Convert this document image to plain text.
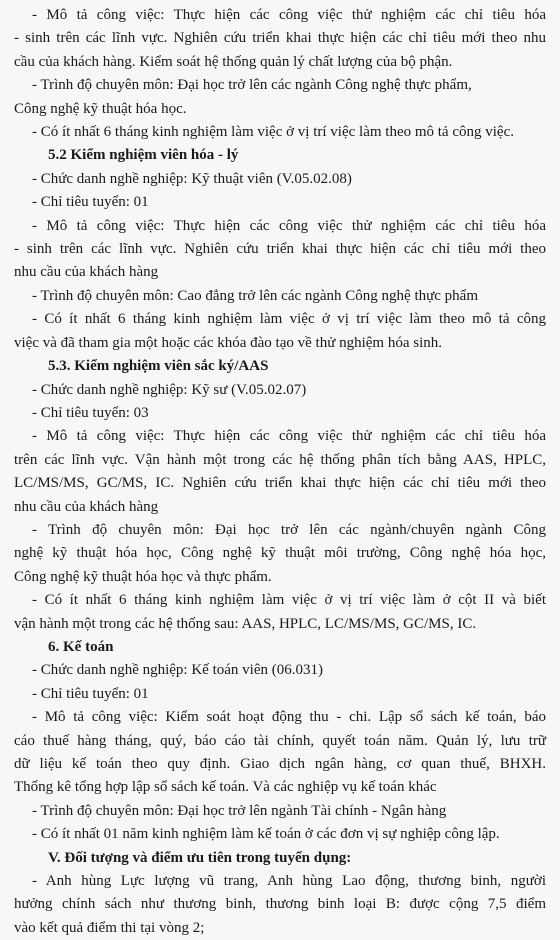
- Mô tả công việc: Thực hiện các công việc thử nghiệm các chỉ tiêu hóa
- sinh trên các lĩnh vực. Nghiên cứu triển khai thực hiện các chỉ tiêu mới theo nhu
cầu của khách hàng. Kiểm soát hệ thống quản lý chất lượng của bộ phận.
- Trình độ chuyên môn: Đại học trở lên các ngành Công nghệ thực phẩm,
Công nghệ kỹ thuật hóa học.
- Có ít nhất 6 tháng kinh nghiệm làm việc ở vị trí việc làm theo mô tả công việc.
5.2 Kiểm nghiệm viên hóa - lý
- Chức danh nghề nghiệp: Kỹ thuật viên (V.05.02.08)
- Chỉ tiêu tuyển: 01
- Mô tả công việc: Thực hiện các công việc thử nghiệm các chỉ tiêu hóa
- sinh trên các lĩnh vực. Nghiên cứu triển khai thực hiện các chỉ tiêu mới theo
nhu cầu của khách hàng
- Trình độ chuyên môn: Cao đẳng trở lên các ngành Công nghệ thực phẩm
- Có ít nhất 6 tháng kinh nghiệm làm việc ở vị trí việc làm theo mô tả công
việc và đã tham gia một hoặc các khóa đào tạo về thử nghiệm hóa sinh.
5.3. Kiểm nghiệm viên sắc ký/AAS
- Chức danh nghề nghiệp: Kỹ sư (V.05.02.07)
- Chỉ tiêu tuyển: 03
- Mô tả công việc: Thực hiện các công việc thử nghiệm các chỉ tiêu hóa
trên các lĩnh vực. Vận hành một trong các hệ thống phân tích bằng AAS, HPLC,
LC/MS/MS, GC/MS, IC. Nghiên cứu triển khai thực hiện các chỉ tiêu mới theo
nhu cầu của khách hàng
- Trình độ chuyên môn: Đại học trở lên các ngành/chuyên ngành Công
nghệ kỹ thuật hóa học, Công nghệ kỹ thuật môi trường, Công nghệ hóa học,
Công nghệ kỹ thuật hóa học và thực phẩm.
- Có ít nhất 6 tháng kinh nghiệm làm việc ở vị trí việc làm ở cột II và biết
vận hành một trong các hệ thống sau: AAS, HPLC, LC/MS/MS, GC/MS, IC.
6. Kế toán
- Chức danh nghề nghiệp: Kế toán viên (06.031)
- Chỉ tiêu tuyển: 01
- Mô tả công việc: Kiểm soát hoạt động thu - chi. Lập sổ sách kế toán, báo
cáo thuế hàng tháng, quý, báo cáo tài chính, quyết toán năm. Quản lý, lưu trữ
dữ liệu kế toán theo quy định. Giao dịch ngân hàng, cơ quan thuế, BHXH.
Thống kê tổng hợp lập sổ sách kế toán. Và các nghiệp vụ kế toán khác
- Trình độ chuyên môn: Đại học trở lên ngành Tài chính - Ngân hàng
- Có ít nhất 01 năm kinh nghiệm làm kế toán ở các đơn vị sự nghiệp công lập.
V. Đối tượng và điểm ưu tiên trong tuyển dụng:
- Anh hùng Lực lượng vũ trang, Anh hùng Lao động, thương binh, người
hưởng chính sách như thương binh, thương binh loại B: được cộng 7,5 điểm
vào kết quả điểm thi tại vòng 2;
